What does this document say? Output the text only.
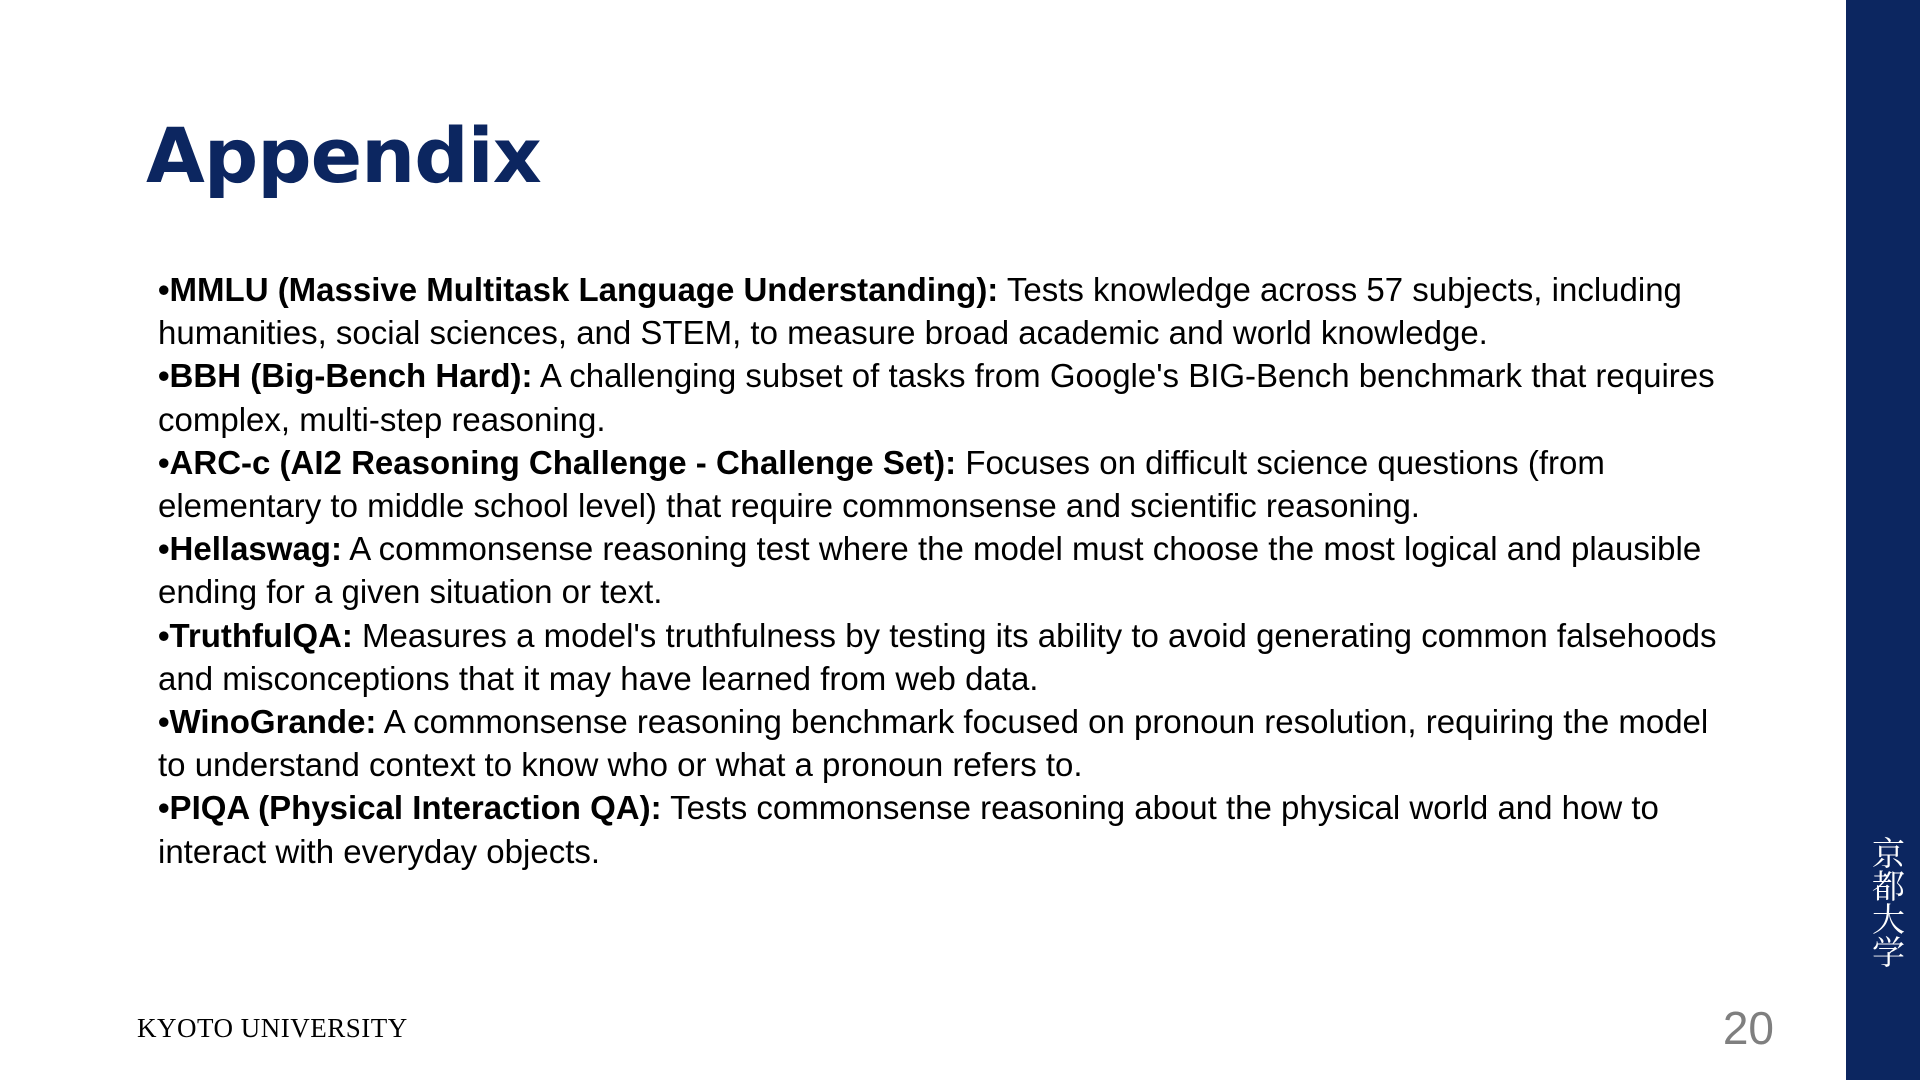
Appendix

•MMLU (Massive Multitask Language Understanding): Tests knowledge across 57 subjects, including humanities, social sciences, and STEM, to measure broad academic and world knowledge.

•BBH (Big-Bench Hard): A challenging subset of tasks from Google's BIG-Bench benchmark that requires complex, multi-step reasoning.

•ARC-c (AI2 Reasoning Challenge - Challenge Set): Focuses on difficult science questions (from elementary to middle school level) that require commonsense and scientific reasoning.

•Hellaswag: A commonsense reasoning test where the model must choose the most logical and plausible ending for a given situation or text.

•TruthfulQA: Measures a model's truthfulness by testing its ability to avoid generating common falsehoods and misconceptions that it may have learned from web data.

•WinoGrande: A commonsense reasoning benchmark focused on pronoun resolution, requiring the model to understand context to know who or what a pronoun refers to.

•PIQA (Physical Interaction QA): Tests commonsense reasoning about the physical world and how to interact with everyday objects.	京都大学
KYOTO UNIVERSITY	20
